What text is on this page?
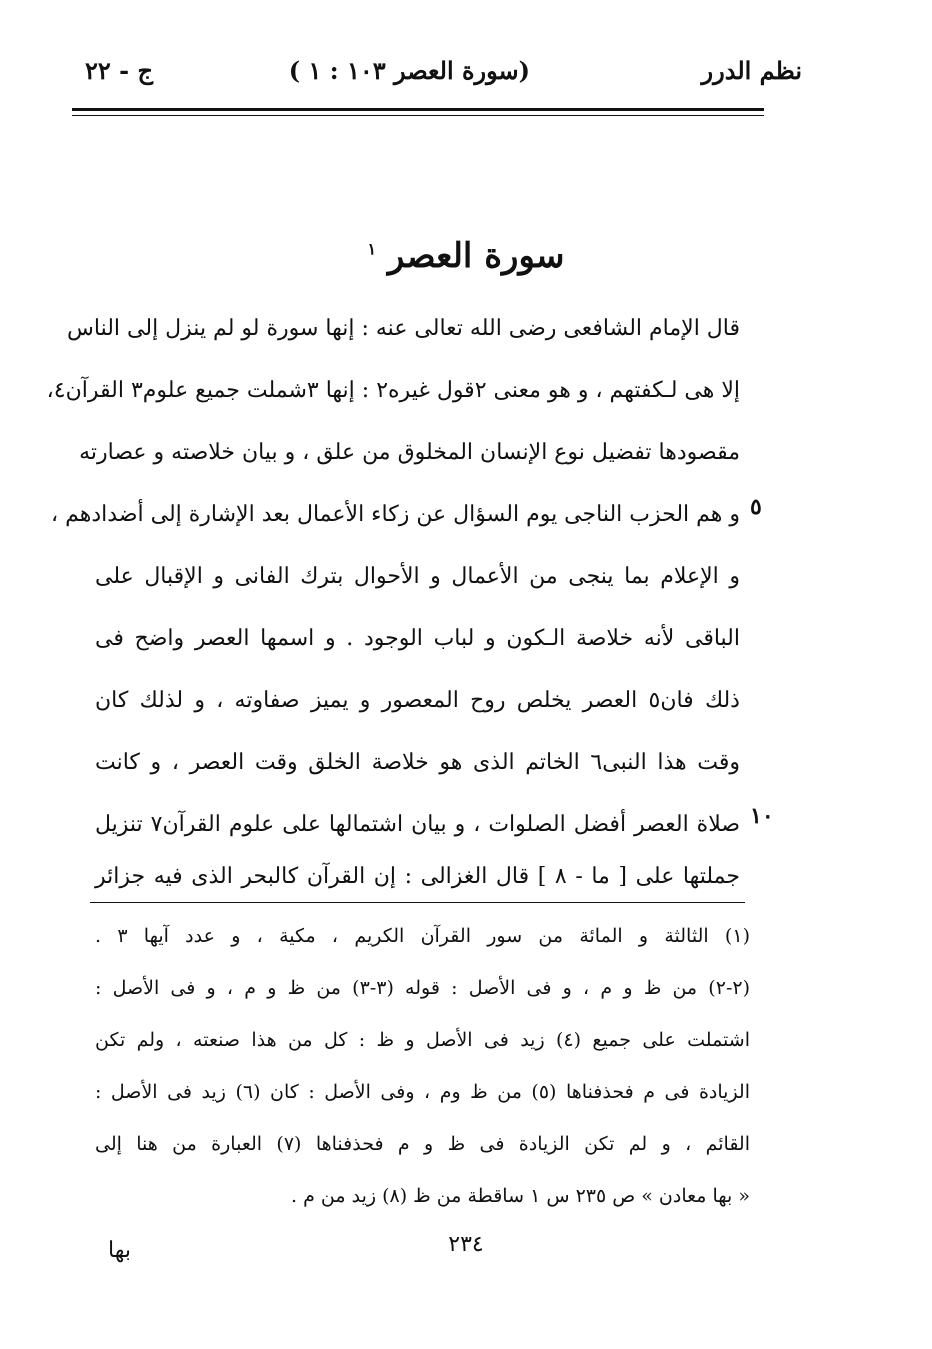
نظم الدرر
(سورة العصر ١٠٣ : ١ )
ج - ٢٢
سورة العصر $^١$
قال الإمام الشافعى رضى الله تعالى عنه : إنها سورة لو لم ينزل إلى الناس
إلا هى لـكفتهم ، و هو معنى ٢قول غيره٢ : إنها ٣شملت جميع علوم٣ القرآن٤،
مقصودها تفضيل نوع الإنسان المخلوق من علق ، و بيان خلاصته و عصارته
و هم الحزب الناجى يوم السؤال عن زكاء الأعمال بعد الإشارة إلى أضدادهم ،
و الإعلام بما ينجى من الأعمال و الأحوال بترك الفانى و الإقبال على
الباقى لأنه خلاصة الـكون و لباب الوجود . و اسمها العصر واضح فى
ذلك فان٥ العصر يخلص روح المعصور و يميز صفاوته ، و لذلك كان
وقت هذا النبى٦ الخاتم الذى هو خلاصة الخلق وقت العصر ، و كانت
صلاة العصر أفضل الصلوات ، و بيان اشتمالها على علوم القرآن٧ تنزيل
جملتها على [ ما - ٨ ] قال الغزالى : إن القرآن كالبحر الذى فيه جزائر
٥
١٠
(١) الثالثة و المائة من سور القرآن الكريم ، مكية ، و عدد آيها ٣ .
(٢-٢) من ظ و م ، و فى الأصل : قوله (٣-٣) من ظ و م ، و فى الأصل :
اشتملت على جميع (٤) زيد فى الأصل و ظ : كل من هذا صنعته ، ولم تكن
الزيادة فى م فحذفناها (٥) من ظ وم ، وفى الأصل : كان (٦) زيد فى الأصل :
القائم ، و لم تكن الزيادة فى ظ و م فحذفناها (٧) العبارة من هنا إلى
« بها معادن » ص ٢٣٥ س ١ ساقطة من ظ (٨) زيد من م .
٢٣٤
بها
